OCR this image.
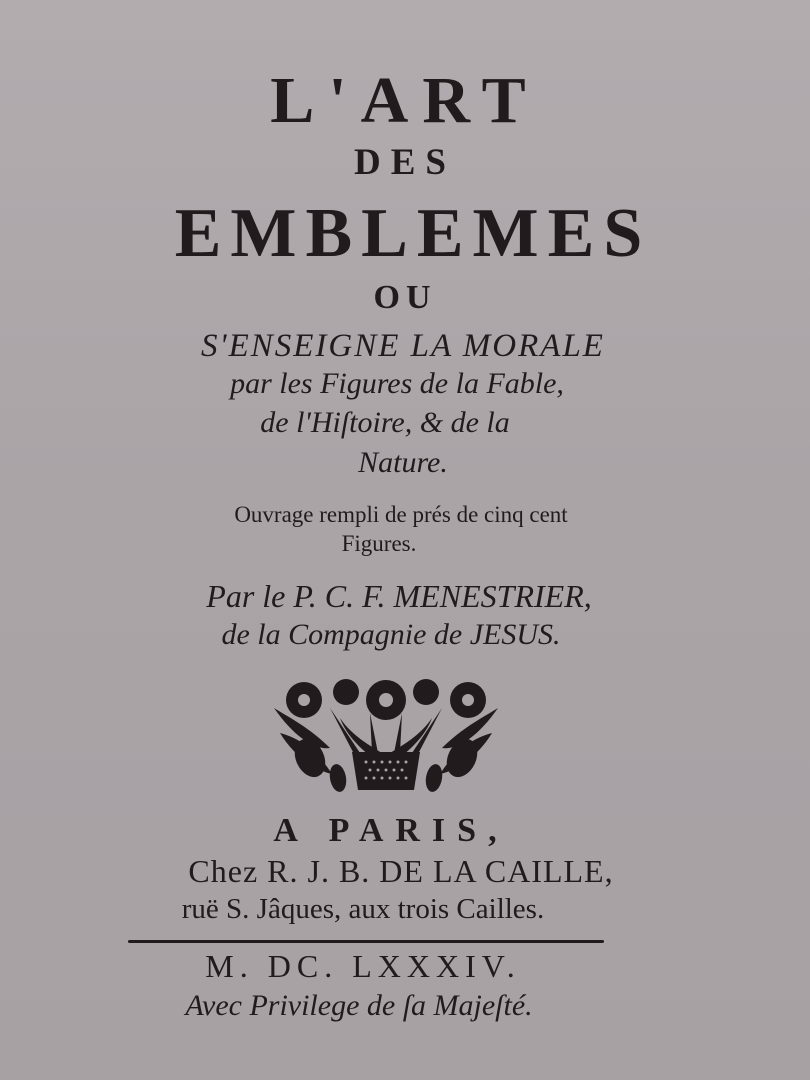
L'ART
DES
EMBLEMES
OU
S'ENSEIGNE LA MORALE
par les Figures de la Fable,
de l'Hiſtoire, & de la
Nature.
Ouvrage rempli de prés de cinq cent
Figures.
Par le P. C. F. MENESTRIER,
de la Compagnie de JESUS.
A PARIS,
Chez R. J. B. DE LA CAILLE,
ruë S. Jâques, aux trois Cailles.
M. DC. LXXXIV.
Avec Privilege de ſa Majeſté.
